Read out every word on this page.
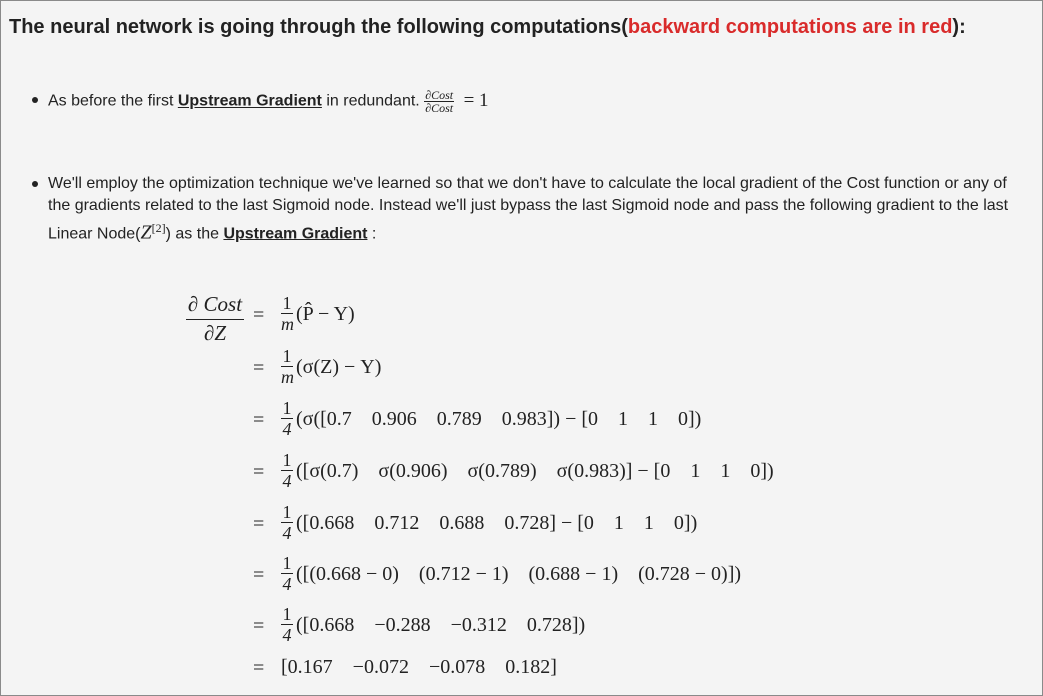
The neural network is going through the following computations(backward computations are in red):
As before the first Upstream Gradient in redundant. $\frac{\text{∂Cost}}{\text{∂Cost}} = 1$
We'll employ the optimization technique we've learned so that we don't have to calculate the local gradient of the Cost function or any of the gradients related to the last Sigmoid node. Instead we'll just bypass the last Sigmoid node and pass the following gradient to the last Linear Node(Z[2]) as the Upstream Gradient :
∂ Cost
∂Z
=
1
m (P̂ − Y)
=
1
m (σ(Z) − Y)
=
1
4 (σ([0.7    0.906    0.789    0.983]) − [0    1    1    0])
=
1
4 ([σ(0.7)    σ(0.906)    σ(0.789)    σ(0.983)] − [0    1    1    0])
=
1
4 ([0.668    0.712    0.688    0.728] − [0    1    1    0])
=
1
4 ([(0.668 − 0)    (0.712 − 1)    (0.688 − 1)    (0.728 − 0)])
=
1
4 ([0.668    −0.288    −0.312    0.728])
= [0.167    −0.072    −0.078    0.182]
